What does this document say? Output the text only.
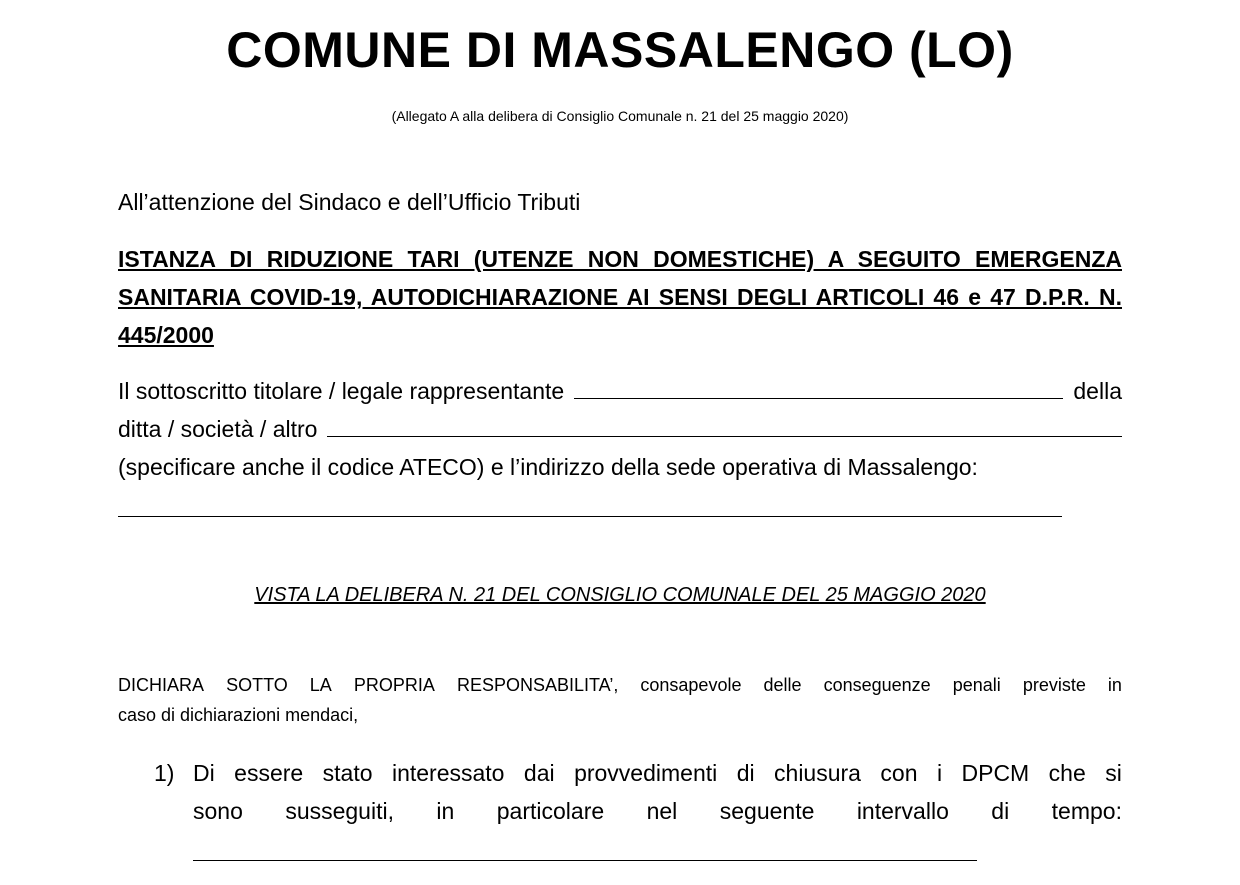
COMUNE DI MASSALENGO (LO)
(Allegato A alla delibera di Consiglio Comunale n. 21 del 25 maggio 2020)
All’attenzione del Sindaco e dell’Ufficio Tributi
ISTANZA DI RIDUZIONE TARI (UTENZE NON DOMESTICHE) A SEGUITO EMERGENZA SANITARIA COVID-19, AUTODICHIARAZIONE AI SENSI DEGLI ARTICOLI 46 e 47 D.P.R. N. 445/2000
Il sottoscritto titolare / legale rappresentante	della
ditta / società / altro
(specificare anche il codice ATECO) e l’indirizzo della sede operativa di Massalengo:
VISTA LA DELIBERA N. 21 DEL CONSIGLIO COMUNALE DEL 25 MAGGIO 2020
DICHIARA SOTTO LA PROPRIA RESPONSABILITA’, consapevole delle conseguenze penali previste in
caso di dichiarazioni mendaci,
1) Di essere stato interessato dai provvedimenti di chiusura con i DPCM che si
sono susseguiti, in particolare nel seguente intervallo di tempo:
